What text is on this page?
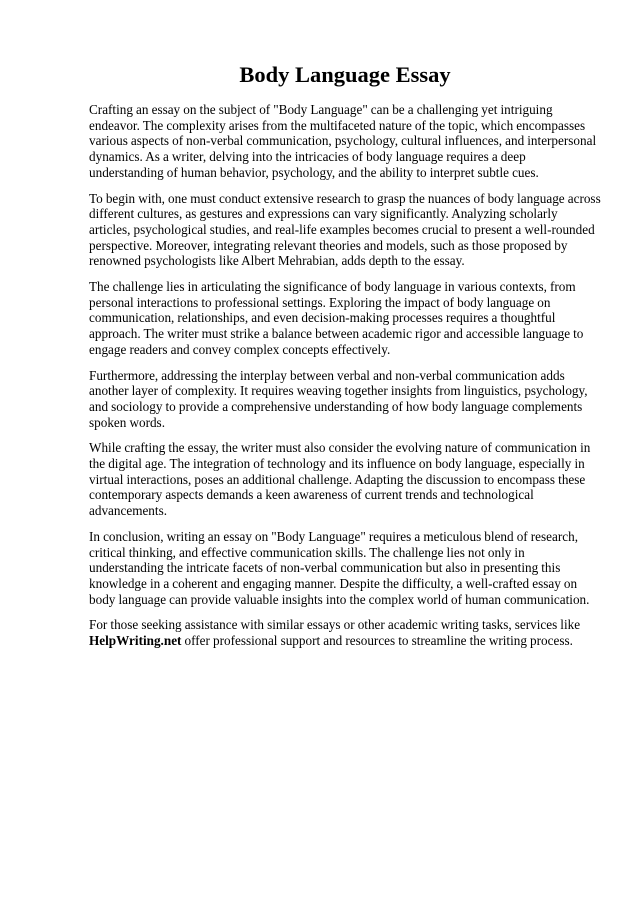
Body Language Essay

Crafting an essay on the subject of "Body Language" can be a challenging yet intriguing endeavor. The complexity arises from the multifaceted nature of the topic, which encompasses various aspects of non-verbal communication, psychology, cultural influences, and interpersonal dynamics. As a writer, delving into the intricacies of body language requires a deep understanding of human behavior, psychology, and the ability to interpret subtle cues.

To begin with, one must conduct extensive research to grasp the nuances of body language across different cultures, as gestures and expressions can vary significantly. Analyzing scholarly articles, psychological studies, and real-life examples becomes crucial to present a well-rounded perspective. Moreover, integrating relevant theories and models, such as those proposed by renowned psychologists like Albert Mehrabian, adds depth to the essay.

The challenge lies in articulating the significance of body language in various contexts, from personal interactions to professional settings. Exploring the impact of body language on communication, relationships, and even decision-making processes requires a thoughtful approach. The writer must strike a balance between academic rigor and accessible language to engage readers and convey complex concepts effectively.

Furthermore, addressing the interplay between verbal and non-verbal communication adds another layer of complexity. It requires weaving together insights from linguistics, psychology, and sociology to provide a comprehensive understanding of how body language complements spoken words.

While crafting the essay, the writer must also consider the evolving nature of communication in the digital age. The integration of technology and its influence on body language, especially in virtual interactions, poses an additional challenge. Adapting the discussion to encompass these contemporary aspects demands a keen awareness of current trends and technological advancements.

In conclusion, writing an essay on "Body Language" requires a meticulous blend of research, critical thinking, and effective communication skills. The challenge lies not only in understanding the intricate facets of non-verbal communication but also in presenting this knowledge in a coherent and engaging manner. Despite the difficulty, a well-crafted essay on body language can provide valuable insights into the complex world of human communication.

For those seeking assistance with similar essays or other academic writing tasks, services like HelpWriting.net offer professional support and resources to streamline the writing process.
